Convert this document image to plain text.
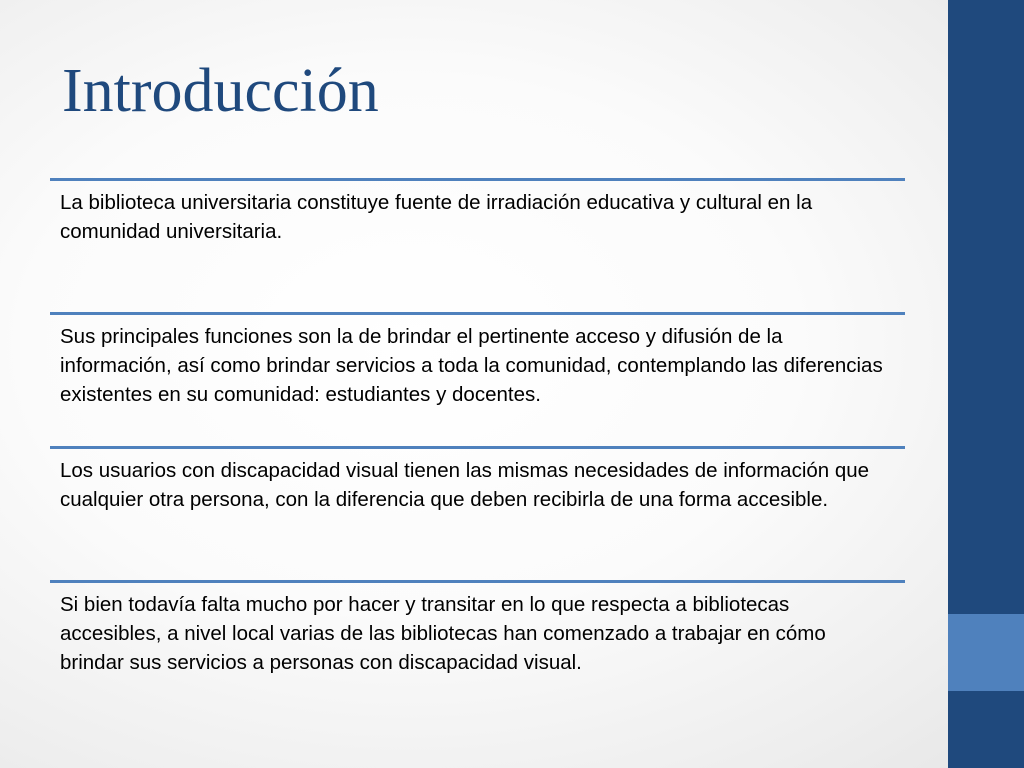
Introducción

La biblioteca universitaria constituye fuente de irradiación educativa y cultural en la comunidad universitaria.

Sus principales funciones son la de brindar el pertinente acceso y difusión de la información, así como brindar servicios a toda la comunidad, contemplando las diferencias existentes en su comunidad: estudiantes y docentes.

Los usuarios con discapacidad visual tienen las mismas necesidades de información que cualquier otra persona, con la diferencia que deben recibirla de una forma accesible.

Si bien todavía falta mucho por hacer y transitar en lo que respecta a bibliotecas accesibles, a nivel local varias de las bibliotecas han comenzado a trabajar en cómo brindar sus servicios a personas con discapacidad visual.
